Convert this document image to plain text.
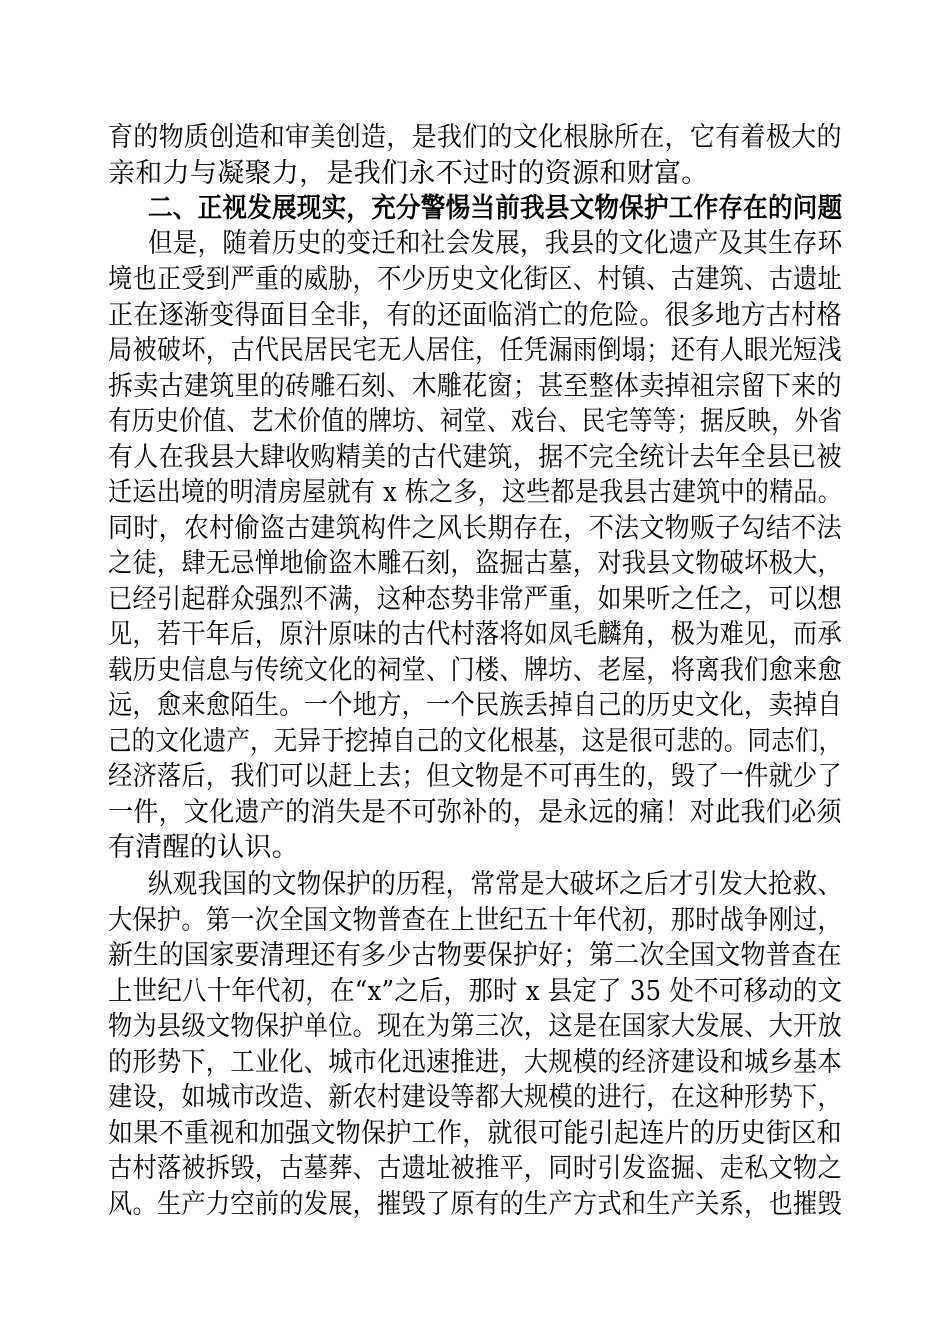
育的物质创造和审美创造，是我们的文化根脉所在，它有着极大的
亲和力与凝聚力，是我们永不过时的资源和财富。
二、正视发展现实，充分警惕当前我县文物保护工作存在的问题
但是，随着历史的变迁和社会发展，我县的文化遗产及其生存环
境也正受到严重的威胁，不少历史文化街区、村镇、古建筑、古遗址
正在逐渐变得面目全非，有的还面临消亡的危险。很多地方古村格
局被破坏，古代民居民宅无人居住，任凭漏雨倒塌；还有人眼光短浅
拆卖古建筑里的砖雕石刻、木雕花窗；甚至整体卖掉祖宗留下来的
有历史价值、艺术价值的牌坊、祠堂、戏台、民宅等等；据反映，外省
有人在我县大肆收购精美的古代建筑，据不完全统计去年全县已被
迁运出境的明清房屋就有 x 栋之多，这些都是我县古建筑中的精品。
同时，农村偷盗古建筑构件之风长期存在，不法文物贩子勾结不法
之徒，肆无忌惮地偷盗木雕石刻，盗掘古墓，对我县文物破坏极大，
已经引起群众强烈不满，这种态势非常严重，如果听之任之，可以想
见，若干年后，原汁原味的古代村落将如凤毛麟角，极为难见，而承
载历史信息与传统文化的祠堂、门楼、牌坊、老屋，将离我们愈来愈
远，愈来愈陌生。一个地方，一个民族丢掉自己的历史文化，卖掉自
己的文化遗产，无异于挖掉自己的文化根基，这是很可悲的。同志们，
经济落后，我们可以赶上去；但文物是不可再生的，毁了一件就少了
一件，文化遗产的消失是不可弥补的，是永远的痛！对此我们必须
有清醒的认识。
纵观我国的文物保护的历程，常常是大破坏之后才引发大抢救、
大保护。第一次全国文物普查在上世纪五十年代初，那时战争刚过，
新生的国家要清理还有多少古物要保护好；第二次全国文物普查在
上世纪八十年代初，在“x”之后，那时 x 县定了 35 处不可移动的文
物为县级文物保护单位。现在为第三次，这是在国家大发展、大开放
的形势下，工业化、城市化迅速推进，大规模的经济建设和城乡基本
建设，如城市改造、新农村建设等都大规模的进行，在这种形势下，
如果不重视和加强文物保护工作，就很可能引起连片的历史街区和
古村落被拆毁，古墓葬、古遗址被推平，同时引发盗掘、走私文物之
风。生产力空前的发展，摧毁了原有的生产方式和生产关系，也摧毁
